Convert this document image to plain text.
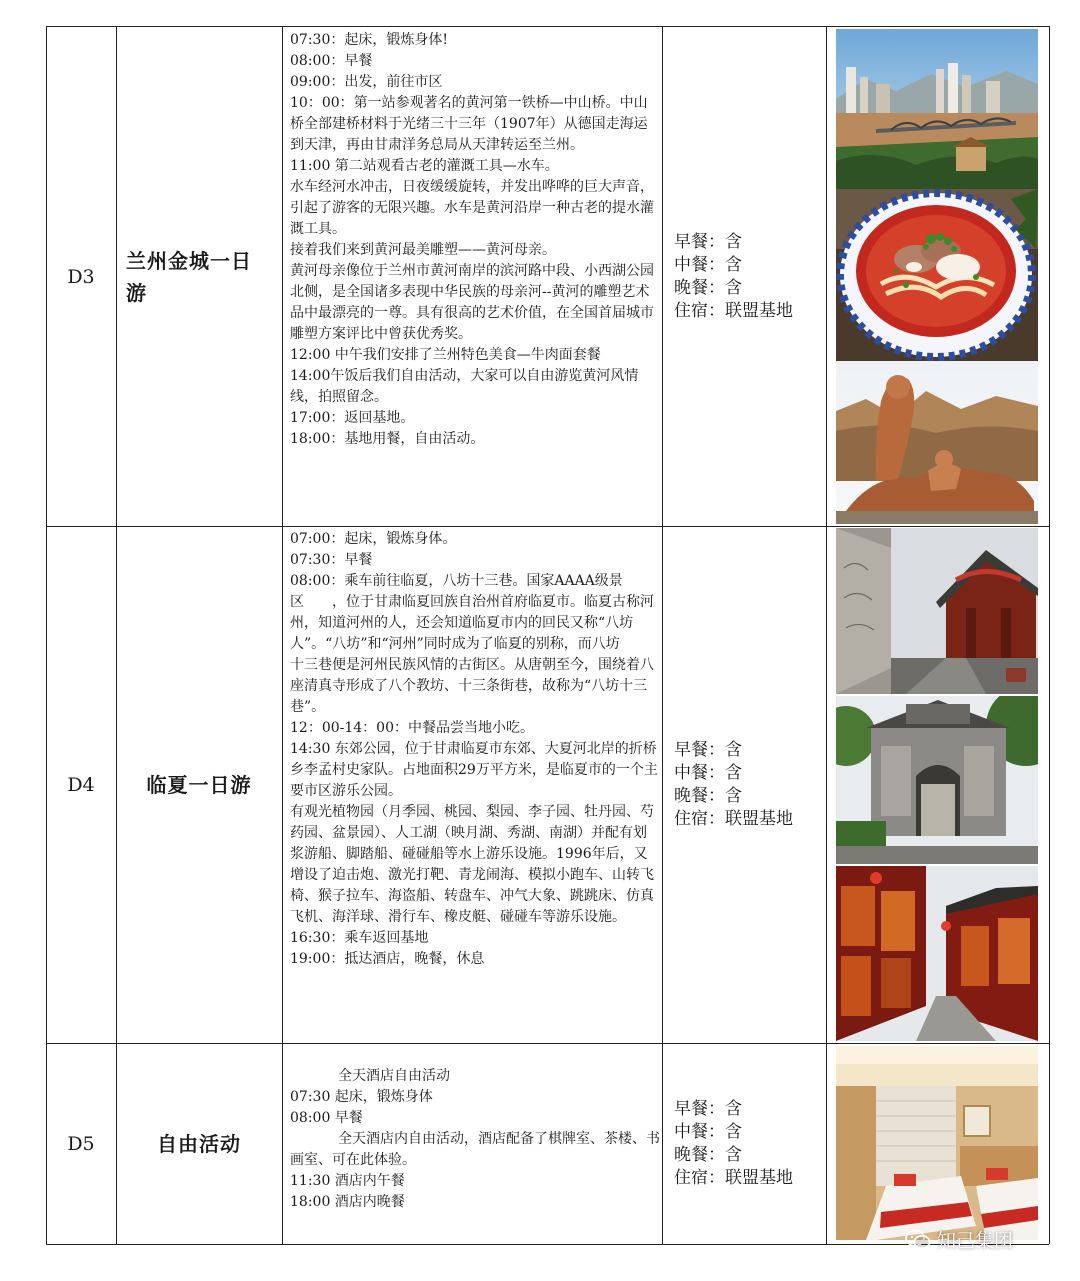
D3
兰州金城一日游

07:30：起床，锻炼身体!

08:00：早餐

09:00：出发，前往市区

10：00：第一站参观著名的黄河第一铁桥—中山桥。中山桥全部建桥材料于光绪三十三年（1907年）从德国走海运到天津，再由甘肃洋务总局从天津转运至兰州。

11:00 第二站观看古老的灌溉工具—水车。

水车经河水冲击，日夜缓缓旋转，并发出哗哗的巨大声音，引起了游客的无限兴趣。水车是黄河沿岸一种古老的提水灌溉工具。

接着我们来到黄河最美雕塑——黄河母亲。

黄河母亲像位于兰州市黄河南岸的滨河路中段、小西湖公园北侧，是全国诸多表现中华民族的母亲河--黄河的雕塑艺术品中最漂亮的一尊。具有很高的艺术价值，在全国首届城市雕塑方案评比中曾获优秀奖。

12:00 中午我们安排了兰州特色美食—牛肉面套餐

14:00午饭后我们自由活动，大家可以自由游览黄河风情线，拍照留念。

17:00：返回基地。

18:00：基地用餐，自由活动。

早餐：含
中餐：含
晚餐：含
住宿：联盟基地
D4	临夏一日游

07:00：起床，锻炼身体。

07:30：早餐

08:00：乘车前往临夏，八坊十三巷。国家AAAA级景区　　，位于甘肃临夏回族自治州首府临夏市。临夏古称河州，知道河州的人，还会知道临夏市内的回民又称“八坊人”。“八坊”和“河州”同时成为了临夏的别称，而八坊　　十三巷便是河州民族风情的古街区。从唐朝至今，围绕着八座清真寺形成了八个教坊、十三条街巷，故称为“八坊十三巷”。

12：00-14：00：中餐品尝当地小吃。

14:30 东郊公园，位于甘肃临夏市东郊、大夏河北岸的折桥乡李孟村史家队。占地面积29万平方米，是临夏市的一个主要市区游乐公园。

有观光植物园（月季园、桃园、梨园、李子园、牡丹园、芍药园、盆景园）、人工湖（映月湖、秀湖、南湖）并配有划浆游船、脚踏船、碰碰船等水上游乐设施。1996年后，又增设了迫击炮、激光打靶、青龙闹海、模拟小跑车、山转飞椅、猴子拉车、海盗船、转盘车、冲气大象、跳跳床、仿真飞机、海洋球、滑行车、橡皮艇、碰碰车等游乐设施。

16:30：乘车返回基地

19:00：抵达酒店，晚餐，休息

早餐：含
中餐：含
晚餐：含
住宿：联盟基地
D5	自由活动

全天酒店自由活动

07:30 起床，锻炼身体

08:00 早餐

全天酒店内自由活动，酒店配备了棋牌室、茶楼、书画室、可在此体验。

11:30 酒店内午餐

18:00 酒店内晚餐

早餐：含
中餐：含
晚餐：含
住宿：联盟基地
知己集团
